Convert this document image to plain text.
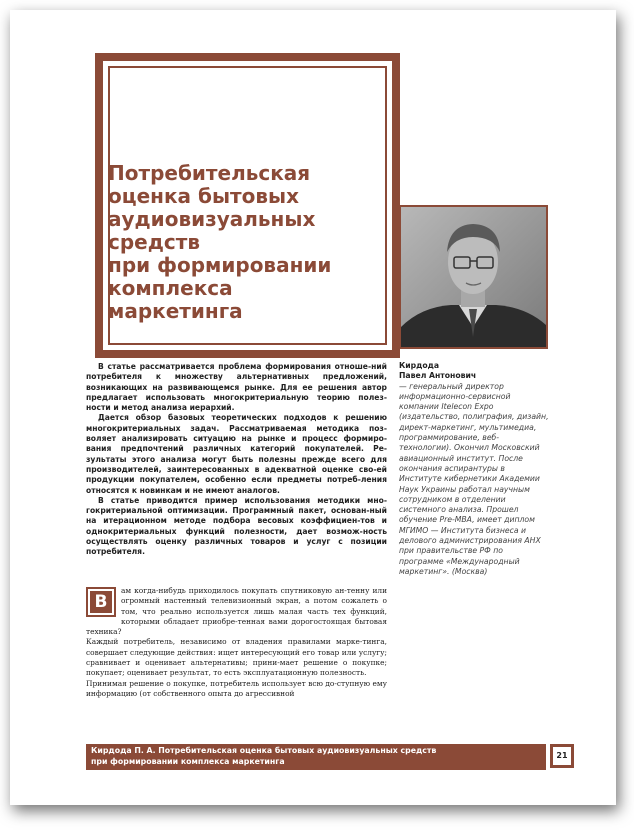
Потребительская
оценка бытовых
аудиовизуальных
средств
при формировании
комплекса
маркетинга

В статье рассматривается проблема формирования отноше-ний потребителя к множеству альтернативных предложений, возникающих на развивающемся рынке. Для ее решения автор предлагает использовать многокритериальную теорию полез-ности и метод анализа иерархий.

Дается обзор базовых теоретических подходов к решению многокритериальных задач. Рассматриваемая методика поз-воляет анализировать ситуацию на рынке и процесс формиро-вания предпочтений различных категорий покупателей. Ре-зультаты этого анализа могут быть полезны прежде всего для производителей, заинтересованных в адекватной оценке сво-ей продукции покупателем, особенно если предметы потреб-ления относятся к новинкам и не имеют аналогов.

В статье приводится пример использования методики мно-гокритериальной оптимизации. Программный пакет, основан-ный на итерационном методе подбора весовых коэффициен-тов и однокритериальных функций полезности, дает возмож-ность осуществлять оценку различных товаров и услуг с позиции потребителя.

Кирдода
Павел Антонович
— генеральный директор информационно-сервисной компании Itelecon Expo (издательство, полиграфия, дизайн, директ-маркетинг, мультимедиа, программирование, веб-технологии). Окончил Московский авиационный институт. После окончания аспирантуры в Институте кибернетики Академии Наук Украины работал научным сотрудником в отделении системного анализа. Прошел обучение Pre-MBA, имеет диплом МГИМО — Института бизнеса и делового администрирования АНХ при правительстве РФ по программе «Международный маркетинг». (Москва)
В

ам когда-нибудь приходилось покупать спутниковую ан-тенну или огромный настенный телевизионный экран, а потом сожалеть о том, что реально используется лишь малая часть тех функций, которыми обладает приобре-тенная вами дорогостоящая бытовая техника?

Каждый потребитель, независимо от владения правилами марке-тинга, совершает следующие действия: ищет интересующий его товар или услугу; сравнивает и оценивает альтернативы; прини-мает решение о покупке; покупает; оценивает результат, то есть эксплуатационную полезность.

Принимая решение о покупке, потребитель использует всю до-ступную ему информацию (от собственного опыта до агрессивной

Кирдода П. А. Потребительская оценка бытовых аудиовизуальных средств
при формировании комплекса маркетинга
21
